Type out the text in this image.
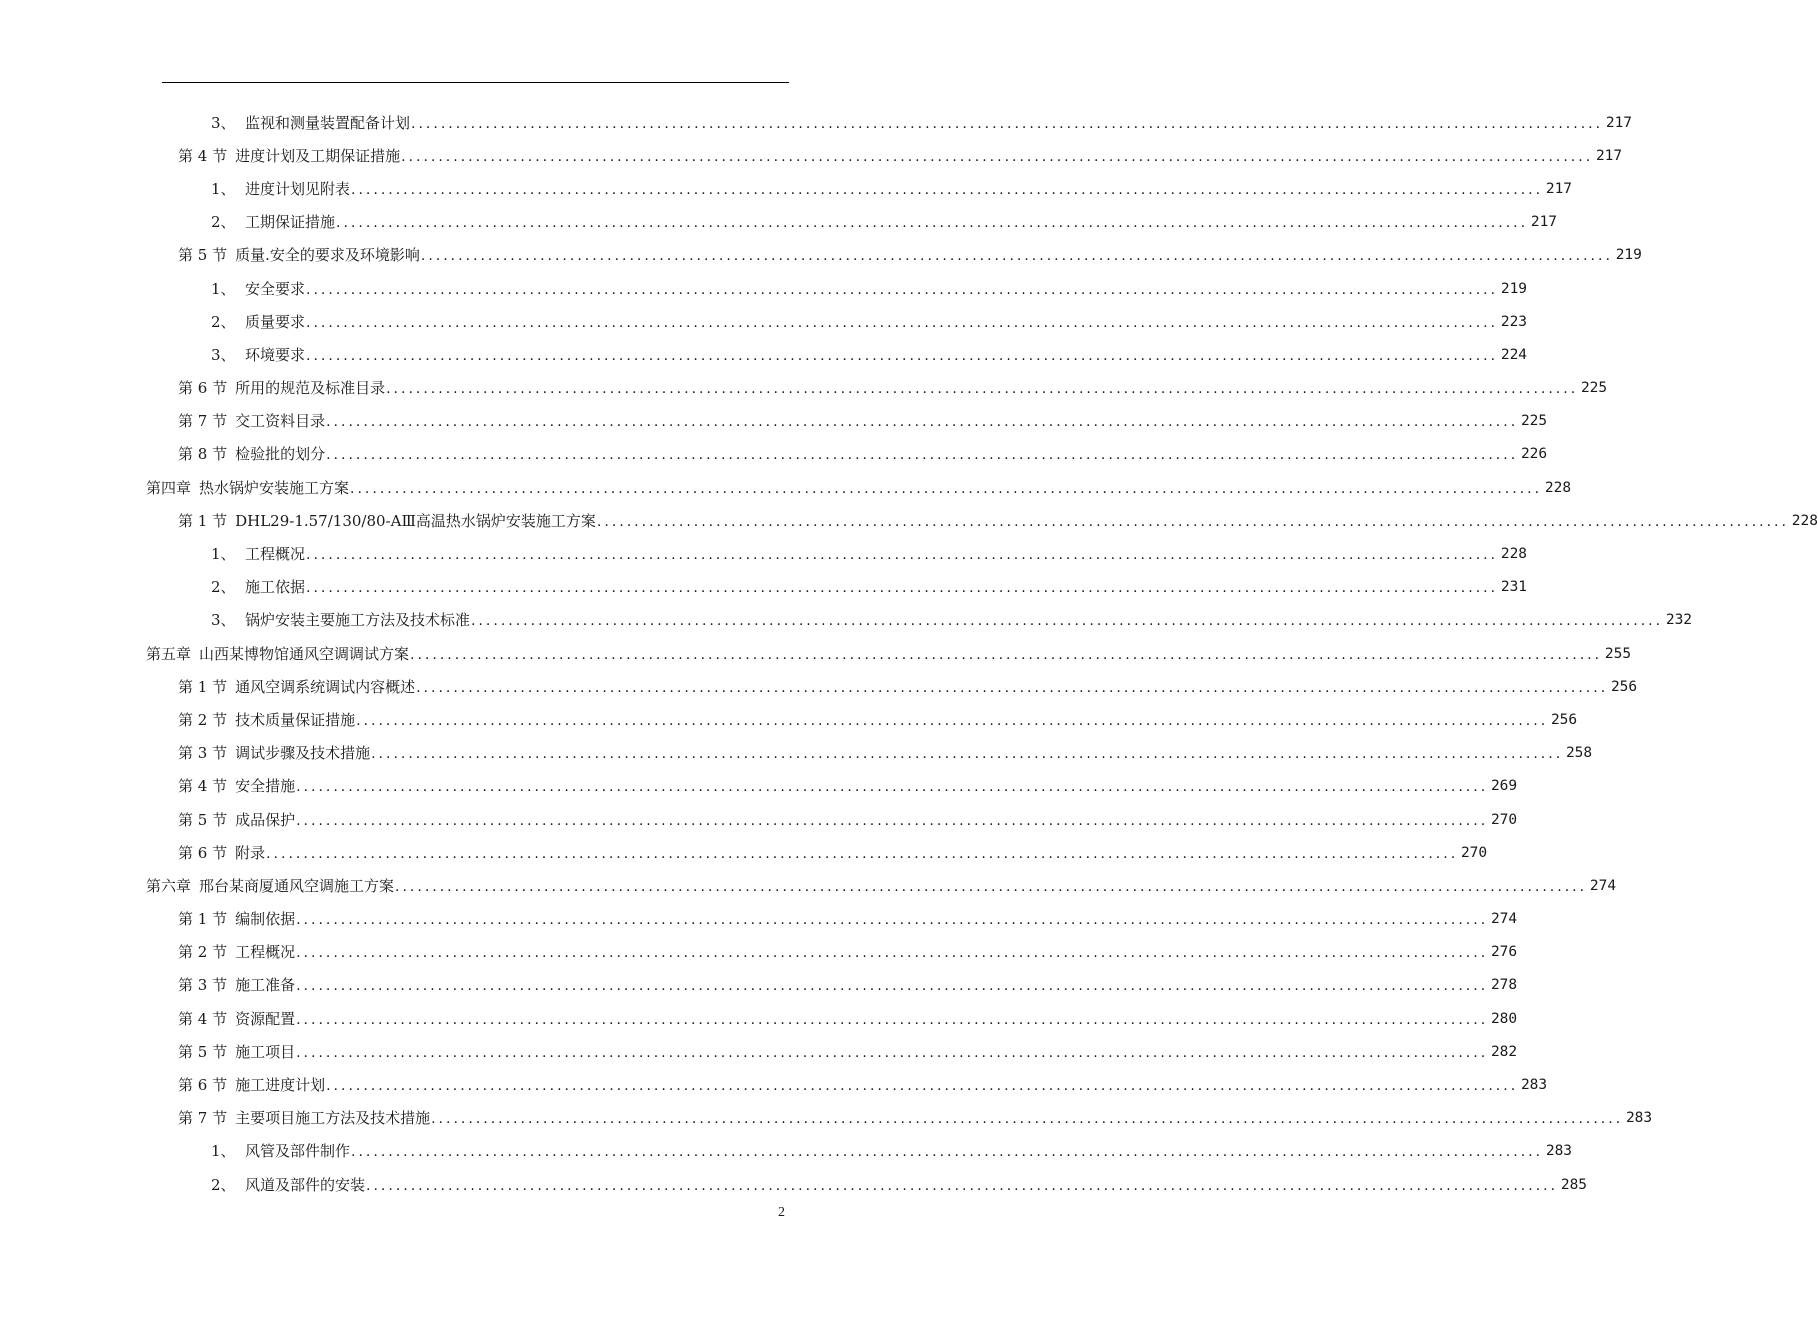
3、 监视和测量装置配备计划 ................................................................................................................................................................ 217
第 4 节 进度计划及工期保证措施 ................................................................................................................................................................ 217
1、 进度计划见附表 ................................................................................................................................................................ 217
2、 工期保证措施 ................................................................................................................................................................ 217
第 5 节 质量.安全的要求及环境影响 ................................................................................................................................................................ 219
1、 安全要求 ................................................................................................................................................................ 219
2、 质量要求 ................................................................................................................................................................ 223
3、 环境要求 ................................................................................................................................................................ 224
第 6 节 所用的规范及标准目录 ................................................................................................................................................................ 225
第 7 节 交工资料目录 ................................................................................................................................................................ 225
第 8 节 检验批的划分 ................................................................................................................................................................ 226
第四章 热水锅炉安装施工方案 ................................................................................................................................................................ 228
第 1 节 DHL29-1.57/130/80-AⅢ高温热水锅炉安装施工方案 ................................................................................................................................................................ 228
1、 工程概况 ................................................................................................................................................................ 228
2、 施工依据 ................................................................................................................................................................ 231
3、 锅炉安装主要施工方法及技术标准 ................................................................................................................................................................ 232
第五章 山西某博物馆通风空调调试方案 ................................................................................................................................................................ 255
第 1 节 通风空调系统调试内容概述 ................................................................................................................................................................ 256
第 2 节 技术质量保证措施 ................................................................................................................................................................ 256
第 3 节 调试步骤及技术措施 ................................................................................................................................................................ 258
第 4 节 安全措施 ................................................................................................................................................................ 269
第 5 节 成品保护 ................................................................................................................................................................ 270
第 6 节 附录 ................................................................................................................................................................ 270
第六章 邢台某商厦通风空调施工方案 ................................................................................................................................................................ 274
第 1 节 编制依据 ................................................................................................................................................................ 274
第 2 节 工程概况 ................................................................................................................................................................ 276
第 3 节 施工准备 ................................................................................................................................................................ 278
第 4 节 资源配置 ................................................................................................................................................................ 280
第 5 节 施工项目 ................................................................................................................................................................ 282
第 6 节 施工进度计划 ................................................................................................................................................................ 283
第 7 节 主要项目施工方法及技术措施 ................................................................................................................................................................ 283
1、 风管及部件制作 ................................................................................................................................................................ 283
2、 风道及部件的安装 ................................................................................................................................................................ 285
2
